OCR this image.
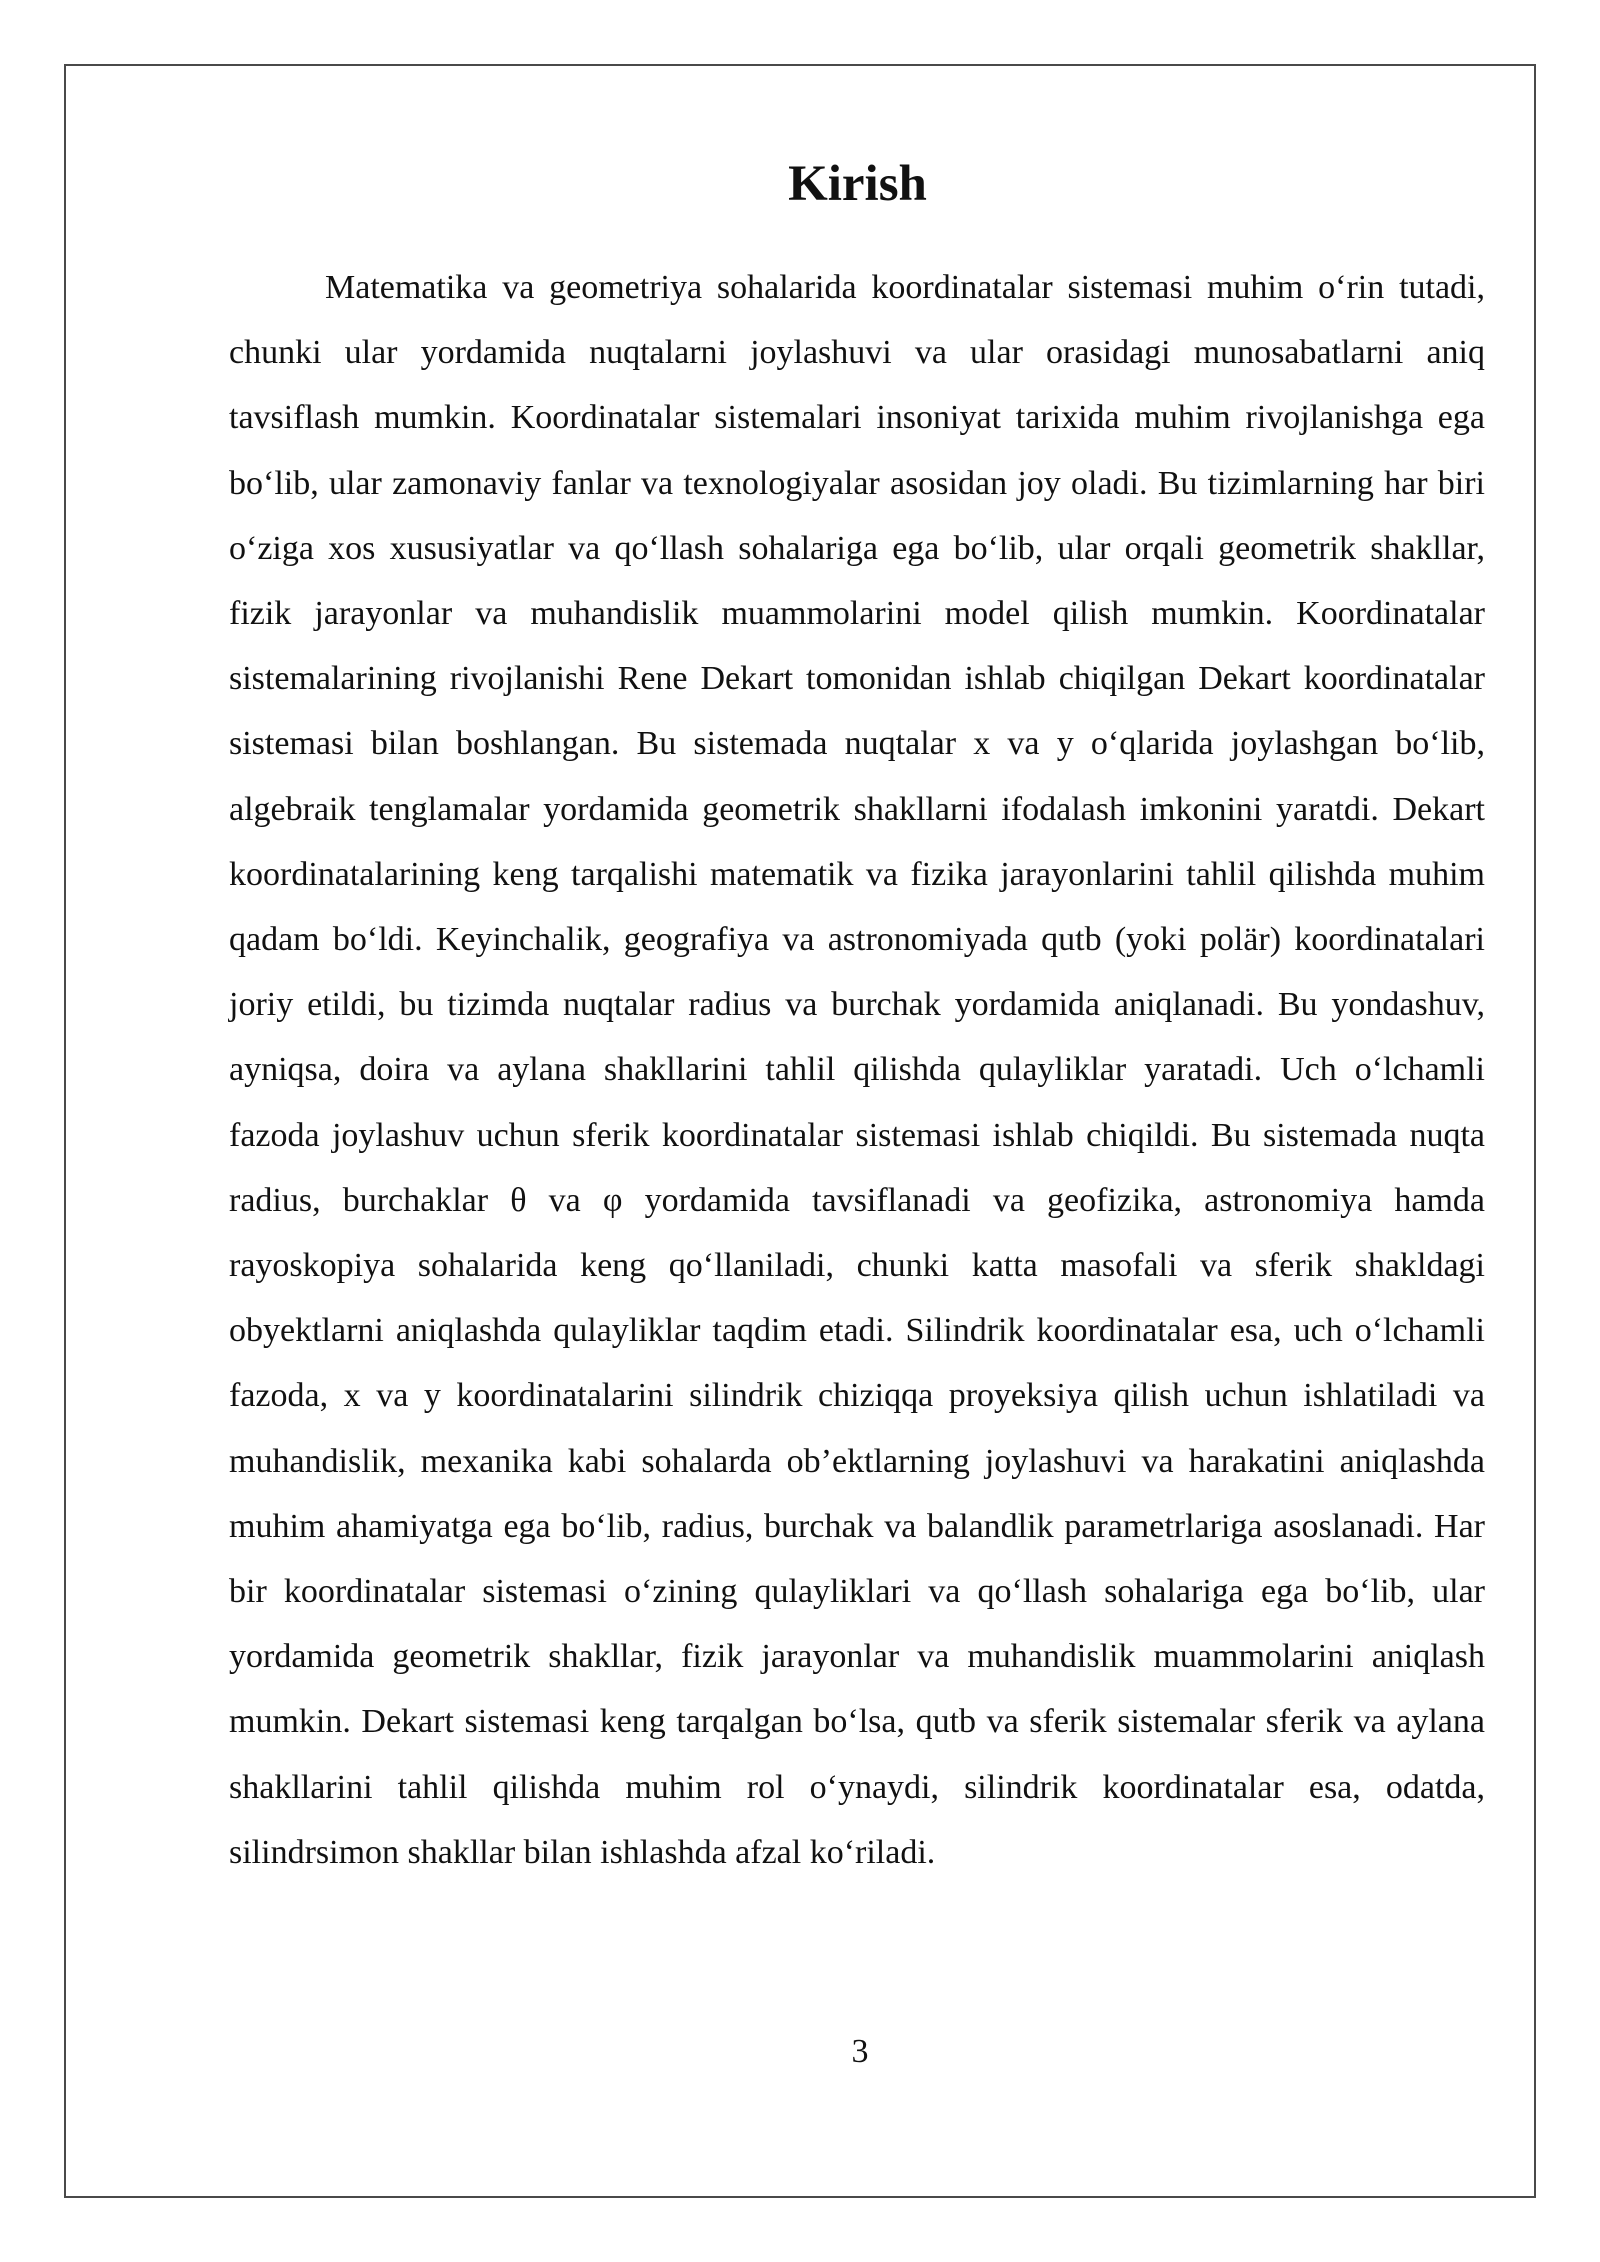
Kirish

Matematika va geometriya sohalarida koordinatalar sistemasi muhim o‘rin tutadi, chunki ular yordamida nuqtalarni joylashuvi va ular orasidagi munosabatlarni aniq tavsiflash mumkin. Koordinatalar sistemalari insoniyat tarixida muhim rivojlanishga ega bo‘lib, ular zamonaviy fanlar va texnologiyalar asosidan joy oladi. Bu tizimlarning har biri o‘ziga xos xususiyatlar va qo‘llash sohalariga ega bo‘lib, ular orqali geometrik shakllar, fizik jarayonlar va muhandislik muammolarini model qilish mumkin. Koordinatalar sistemalarining rivojlanishi Rene Dekart tomonidan ishlab chiqilgan Dekart koordinatalar sistemasi bilan boshlangan. Bu sistemada nuqtalar x va y o‘qlarida joylashgan bo‘lib, algebraik tenglamalar yordamida geometrik shakllarni ifodalash imkonini yaratdi. Dekart koordinatalarining keng tarqalishi matematik va fizika jarayonlarini tahlil qilishda muhim qadam bo‘ldi. Keyinchalik, geografiya va astronomiyada qutb (yoki polär) koordinatalari joriy etildi, bu tizimda nuqtalar radius va burchak yordamida aniqlanadi. Bu yondashuv, ayniqsa, doira va aylana shakllarini tahlil qilishda qulayliklar yaratadi. Uch o‘lchamli fazoda joylashuv uchun sferik koordinatalar sistemasi ishlab chiqildi. Bu sistemada nuqta radius, burchaklar θ va φ yordamida tavsiflanadi va geofizika, astronomiya hamda rayoskopiya sohalarida keng qo‘llaniladi, chunki katta masofali va sferik shakldagi obyektlarni aniqlashda qulayliklar taqdim etadi. Silindrik koordinatalar esa, uch o‘lchamli fazoda, x va y koordinatalarini silindrik chiziqqa proyeksiya qilish uchun ishlatiladi va muhandislik, mexanika kabi sohalarda ob’ektlarning joylashuvi va harakatini aniqlashda muhim ahamiyatga ega bo‘lib, radius, burchak va balandlik parametrlariga asoslanadi. Har bir koordinatalar sistemasi o‘zining qulayliklari va qo‘llash sohalariga ega bo‘lib, ular yordamida geometrik shakllar, fizik jarayonlar va muhandislik muammolarini aniqlash mumkin. Dekart sistemasi keng tarqalgan bo‘lsa, qutb va sferik sistemalar sferik va aylana shakllarini tahlil qilishda muhim rol o‘ynaydi, silindrik koordinatalar esa, odatda, silindrsimon shakllar bilan ishlashda afzal ko‘riladi.

3
